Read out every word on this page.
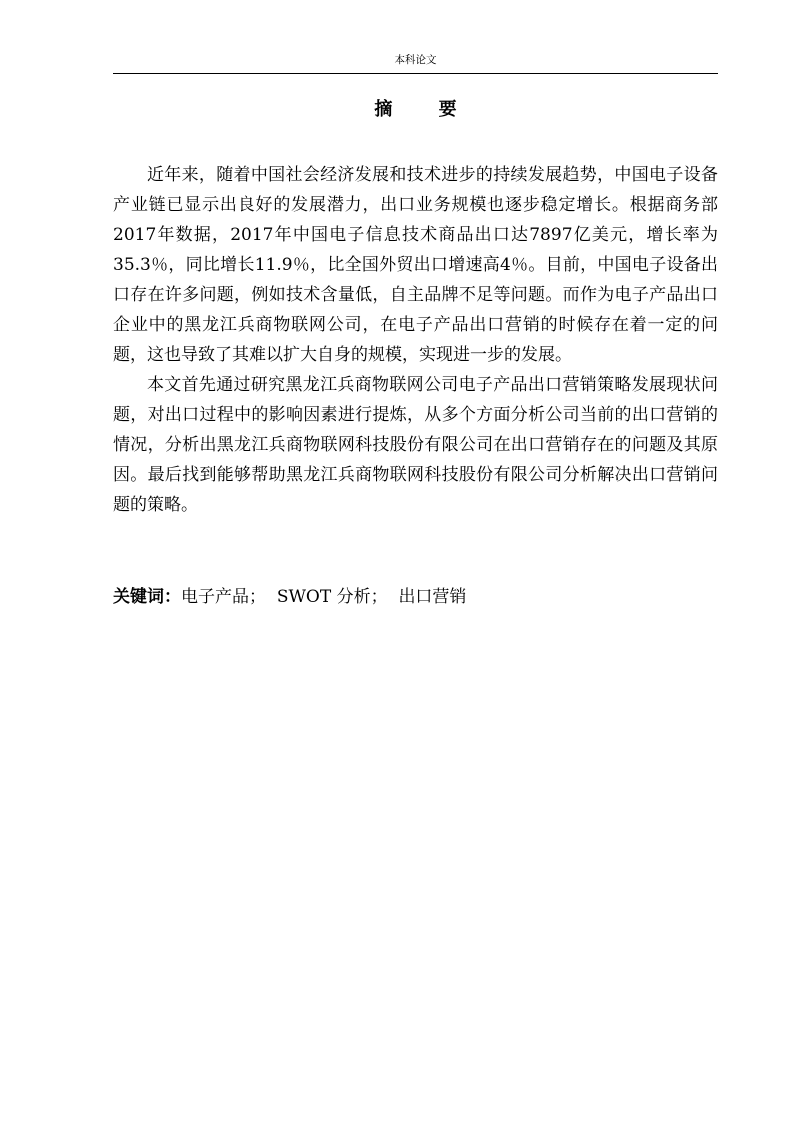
本科论文
摘 要

近年来，随着中国社会经济发展和技术进步的持续发展趋势，中国电子设备产业链已显示出良好的发展潜力，出口业务规模也逐步稳定增长。根据商务部2017年数据，2017年中国电子信息技术商品出口达7897亿美元，增长率为35.3％，同比增长11.9％，比全国外贸出口增速高4％。目前，中国电子设备出口存在许多问题，例如技术含量低，自主品牌不足等问题。而作为电子产品出口企业中的黑龙江兵商物联网公司，在电子产品出口营销的时候存在着一定的问题，这也导致了其难以扩大自身的规模，实现进一步的发展。

本文首先通过研究黑龙江兵商物联网公司电子产品出口营销策略发展现状问题，对出口过程中的影响因素进行提炼，从多个方面分析公司当前的出口营销的情况，分析出黑龙江兵商物联网科技股份有限公司在出口营销存在的问题及其原因。最后找到能够帮助黑龙江兵商物联网科技股份有限公司分析解决出口营销问题的策略。

关键词：电子产品； SWOT 分析； 出口营销
